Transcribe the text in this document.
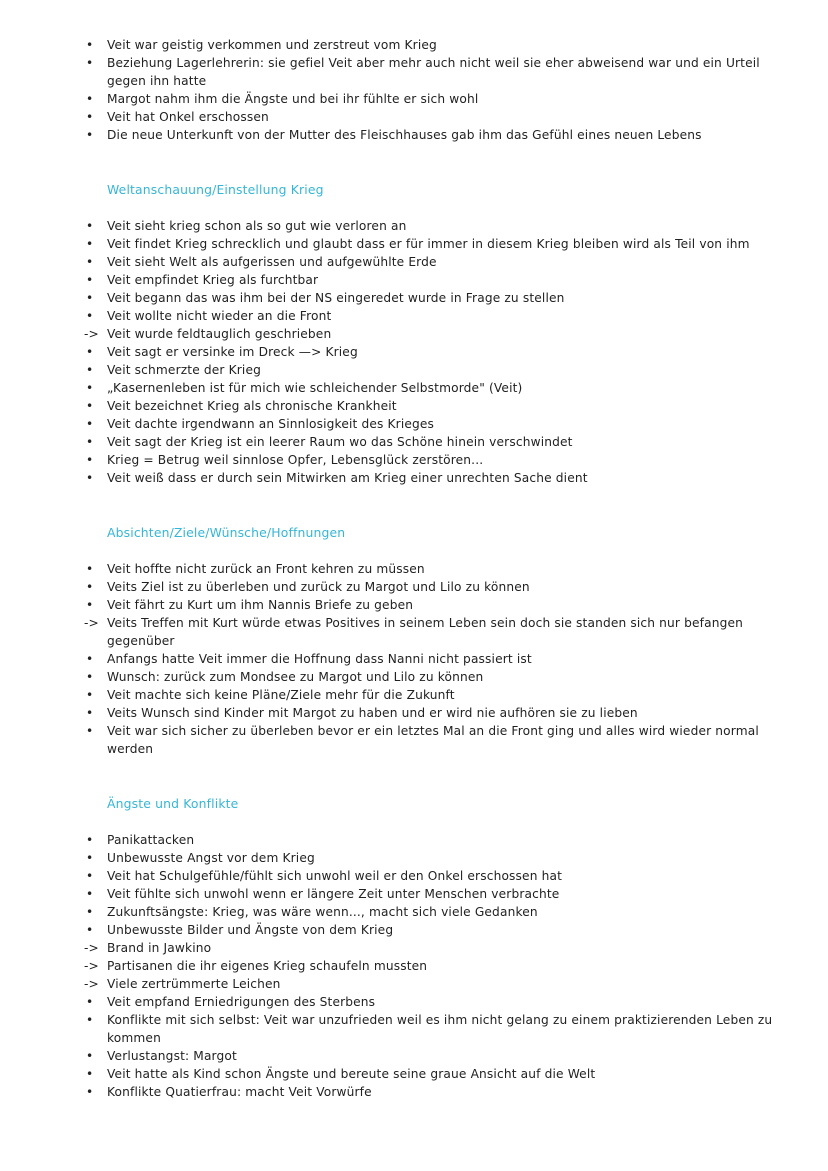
•	Veit war geistig verkommen und zerstreut vom Krieg
•	Beziehung Lagerlehrerin: sie gefiel Veit aber mehr auch nicht weil sie eher abweisend war und ein Urteil gegen ihn hatte
•	Margot nahm ihm die Ängste und bei ihr fühlte er sich wohl
•	Veit hat Onkel erschossen
•	Die neue Unterkunft von der Mutter des Fleischhauses gab ihm das Gefühl eines neuen Lebens
Weltanschauung/Einstellung Krieg
•	Veit sieht krieg schon als so gut wie verloren an
•	Veit findet Krieg schrecklich und glaubt dass er für immer in diesem Krieg bleiben wird als Teil von ihm
•	Veit sieht Welt als aufgerissen und aufgewühlte Erde
•	Veit empfindet Krieg als furchtbar
•	Veit begann das was ihm bei der NS eingeredet wurde in Frage zu stellen
•	Veit wollte nicht wieder an die Front
-> Veit wurde feldtauglich geschrieben
•	Veit sagt er versinke im Dreck —> Krieg
•	Veit schmerzte der Krieg
•	„Kasernenleben ist für mich wie schleichender Selbstmorde" (Veit)
•	Veit bezeichnet Krieg als chronische Krankheit
•	Veit dachte irgendwann an Sinnlosigkeit des Krieges
•	Veit sagt der Krieg ist ein leerer Raum wo das Schöne hinein verschwindet
•	Krieg = Betrug weil sinnlose Opfer, Lebensglück zerstören...
•	Veit weiß dass er durch sein Mitwirken am Krieg einer unrechten Sache dient
Absichten/Ziele/Wünsche/Hoffnungen
•	Veit hoffte nicht zurück an Front kehren zu müssen
•	Veits Ziel ist zu überleben und zurück zu Margot und Lilo zu können
•	Veit fährt zu Kurt um ihm Nannis Briefe zu geben
-> Veits Treffen mit Kurt würde etwas Positives in seinem Leben sein doch sie standen sich nur befangen gegenüber
•	Anfangs hatte Veit immer die Hoffnung dass Nanni nicht passiert ist
•	Wunsch: zurück zum Mondsee zu Margot und Lilo zu können
•	Veit machte sich keine Pläne/Ziele mehr für die Zukunft
•	Veits Wunsch sind Kinder mit Margot zu haben und er wird nie aufhören sie zu lieben
•	Veit war sich sicher zu überleben bevor er ein letztes Mal an die Front ging und alles wird wieder normal werden
Ängste und Konflikte
•	Panikattacken
•	Unbewusste Angst vor dem Krieg
•	Veit hat Schulgefühle/fühlt sich unwohl weil er den Onkel erschossen hat
•	Veit fühlte sich unwohl wenn er längere Zeit unter Menschen verbrachte
•	Zukunftsängste: Krieg, was wäre wenn..., macht sich viele Gedanken
•	Unbewusste Bilder und Ängste von dem Krieg
-> Brand in Jawkino
-> Partisanen die ihr eigenes Krieg schaufeln mussten
-> Viele zertrümmerte Leichen
•	Veit empfand Erniedrigungen des Sterbens
•	Konflikte mit sich selbst: Veit war unzufrieden weil es ihm nicht gelang zu einem praktizierenden Leben zu kommen
•	Verlustangst: Margot
•	Veit hatte als Kind schon Ängste und bereute seine graue Ansicht auf die Welt
•	Konflikte Quatierfrau: macht Veit Vorwürfe
